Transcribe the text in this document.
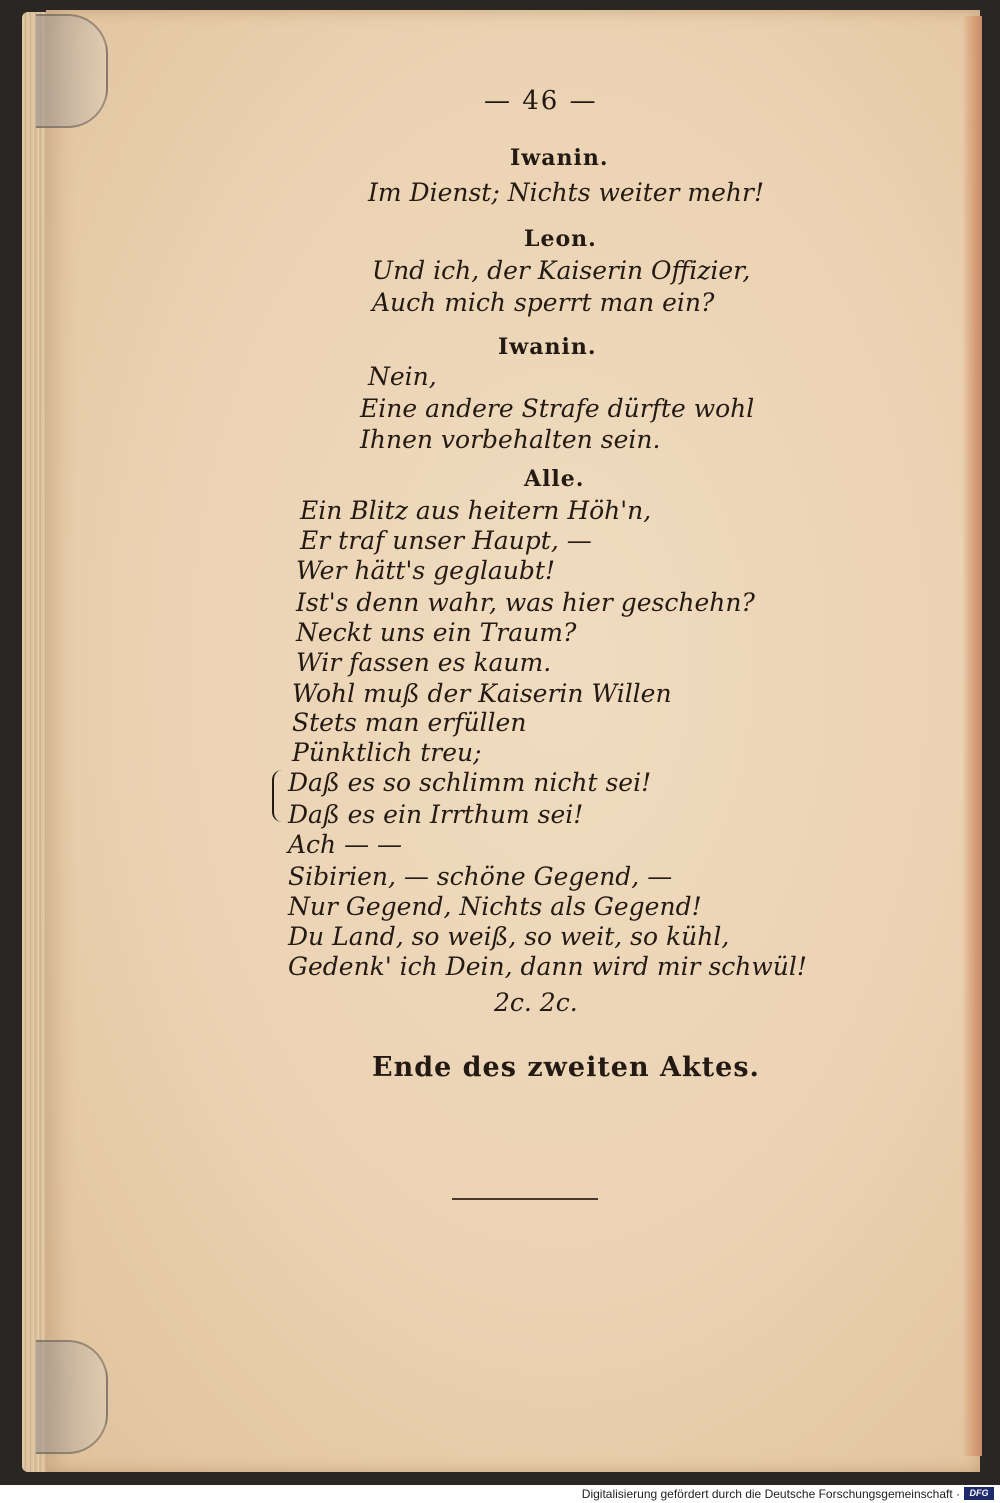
— 46 —
Iwanin.
Im Dienst; Nichts weiter mehr!
Leon.
Und ich, der Kaiserin Offizier,
Auch mich sperrt man ein?
Iwanin.
Nein,
Eine andere Strafe dürfte wohl
Ihnen vorbehalten sein.
Alle.
Ein Blitz aus heitern Höh'n,
Er traf unser Haupt, —
Wer hätt's geglaubt!
Ist's denn wahr, was hier geschehn?
Neckt uns ein Traum?
Wir fassen es kaum.
Wohl muß der Kaiserin Willen
Stets man erfüllen
Pünktlich treu;
Daß es so schlimm nicht sei!
Daß es ein Irrthum sei!
Ach — —
Sibirien, — schöne Gegend, —
Nur Gegend, Nichts als Gegend!
Du Land, so weiß, so weit, so kühl,
Gedenk' ich Dein, dann wird mir schwül!
2c. 2c.
Ende des zweiten Aktes.
Digitalisierung gefördert durch die Deutsche Forschungsgemeinschaft ·	DFG
